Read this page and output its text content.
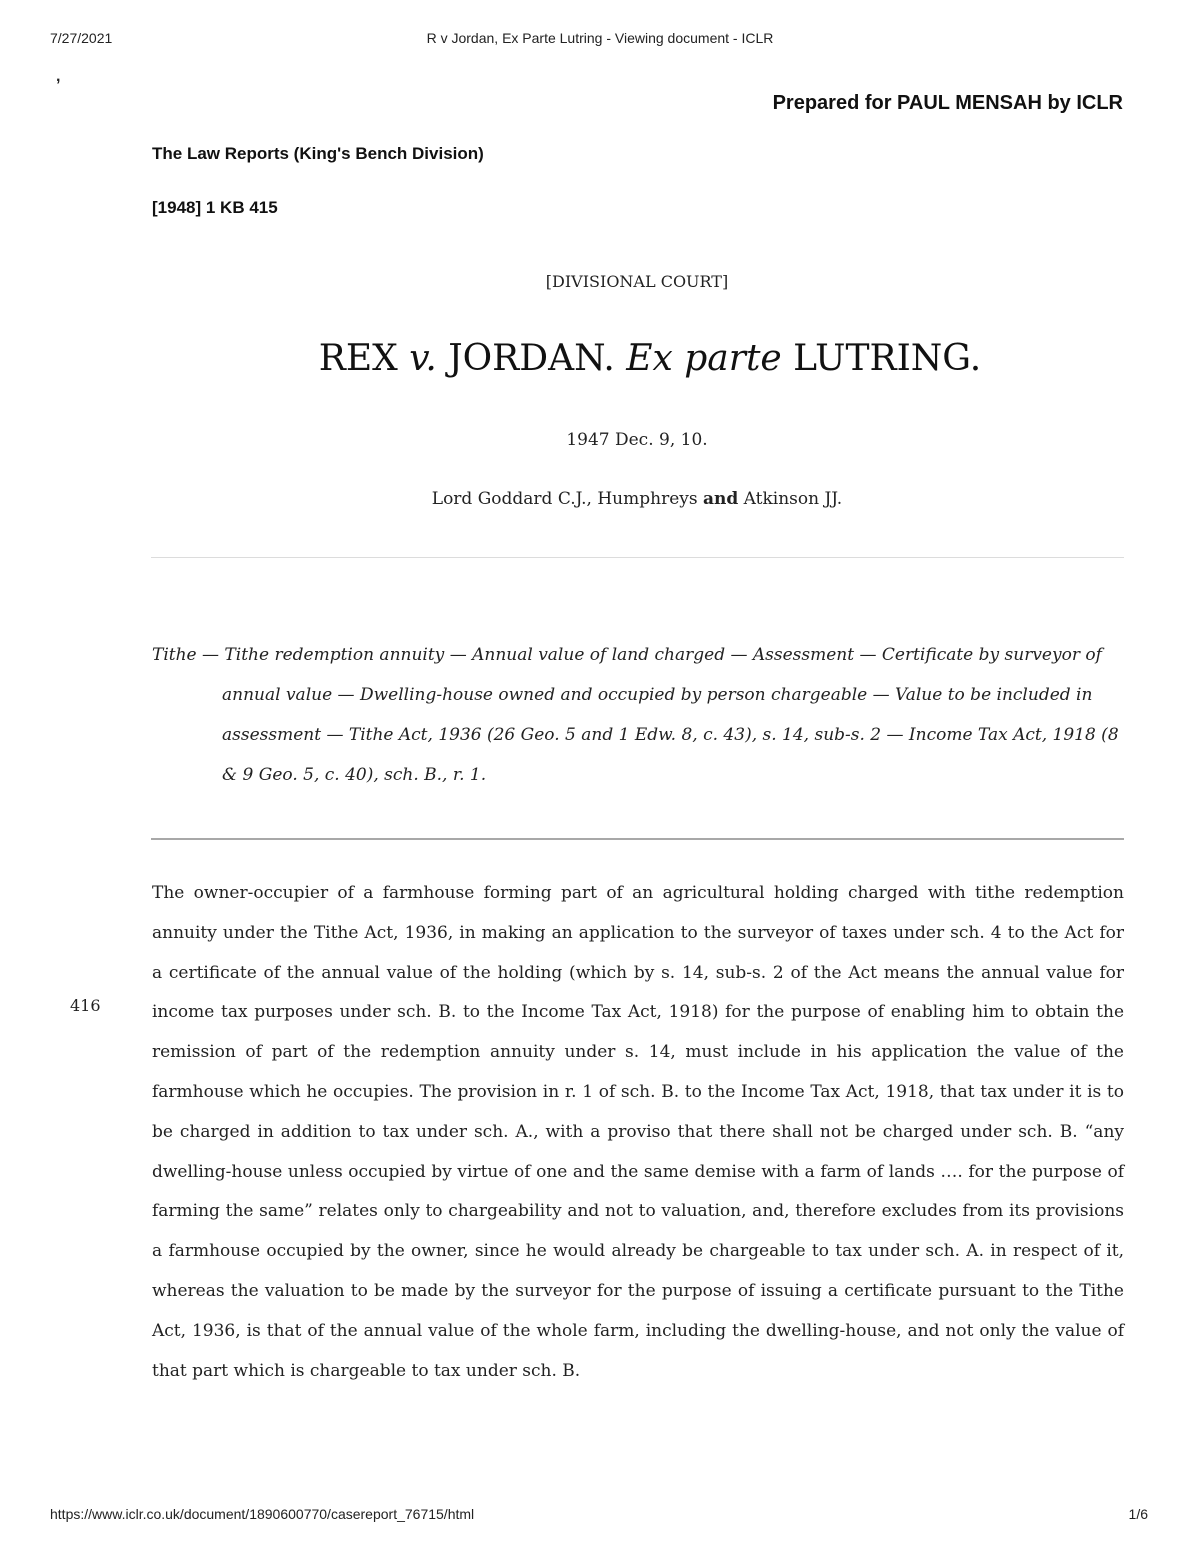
7/27/2021	R v Jordan, Ex Parte Lutring - Viewing document - ICLR
,
Prepared for PAUL MENSAH by ICLR
The Law Reports (King's Bench Division)
[1948] 1 KB 415
[DIVISIONAL COURT]
REX v. JORDAN. Ex parte LUTRING.
1947 Dec. 9, 10.
Lord Goddard C.J., Humphreys and Atkinson JJ.
Tithe — Tithe redemption annuity — Annual value of land charged — Assessment — Certificate by surveyor of annual value — Dwelling-house owned and occupied by person chargeable — Value to be included in assessment — Tithe Act, 1936 (26 Geo. 5 and 1 Edw. 8, c. 43), s. 14, sub-s. 2 — Income Tax Act, 1918 (8 & 9 Geo. 5, c. 40), sch. B., r. 1.
416
The owner-occupier of a farmhouse forming part of an agricultural holding charged with tithe redemption annuity under the Tithe Act, 1936, in making an application to the surveyor of taxes under sch. 4 to the Act for a certificate of the annual value of the holding (which by s. 14, sub-s. 2 of the Act means the annual value for income tax purposes under sch. B. to the Income Tax Act, 1918) for the purpose of enabling him to obtain the remission of part of the redemption annuity under s. 14, must include in his application the value of the farmhouse which he occupies. The provision in r. 1 of sch. B. to the Income Tax Act, 1918, that tax under it is to be charged in addition to tax under sch. A., with a proviso that there shall not be charged under sch. B. “any dwelling-house unless occupied by virtue of one and the same demise with a farm of lands …. for the purpose of farming the same” relates only to chargeability and not to valuation, and, therefore excludes from its provisions a farmhouse occupied by the owner, since he would already be chargeable to tax under sch. A. in respect of it, whereas the valuation to be made by the surveyor for the purpose of issuing a certificate pursuant to the Tithe Act, 1936, is that of the annual value of the whole farm, including the dwelling-house, and not only the value of that part which is chargeable to tax under sch. B.
https://www.iclr.co.uk/document/1890600770/casereport_76715/html	1/6
